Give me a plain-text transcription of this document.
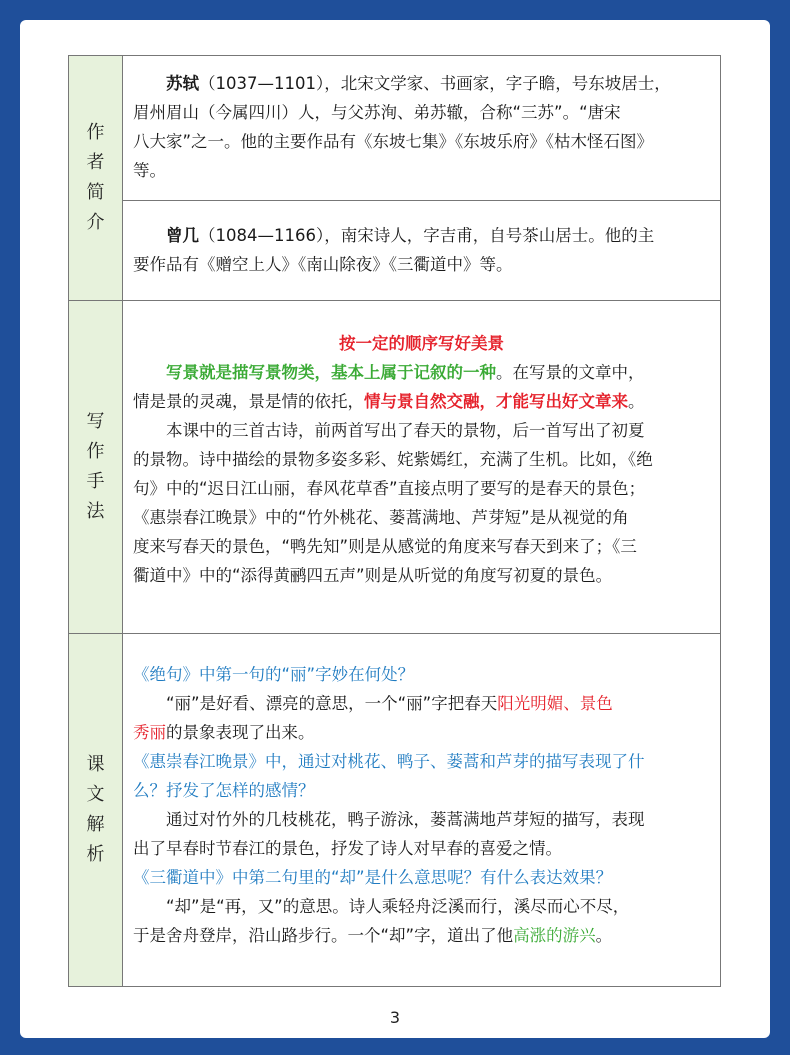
作
者
简
介

苏轼（1037—1101），北宋文学家、书画家，字子瞻，号东坡居士，

眉州眉山（今属四川）人，与父苏洵、弟苏辙，合称“三苏”。“唐宋

八大家”之一。他的主要作品有《东坡七集》《东坡乐府》《枯木怪石图》

等。

曾几（1084—1166），南宋诗人，字吉甫，自号茶山居士。他的主

要作品有《赠空上人》《南山除夜》《三衢道中》等。

写
作
手
法

按一定的顺序写好美景

写景就是描写景物类，基本上属于记叙的一种。在写景的文章中，

情是景的灵魂，景是情的依托，情与景自然交融，才能写出好文章来。

本课中的三首古诗，前两首写出了春天的景物，后一首写出了初夏

的景物。诗中描绘的景物多姿多彩、姹紫嫣红，充满了生机。比如，《绝

句》中的“迟日江山丽，春风花草香”直接点明了要写的是春天的景色；

《惠崇春江晚景》中的“竹外桃花、蒌蒿满地、芦芽短”是从视觉的角

度来写春天的景色，“鸭先知”则是从感觉的角度来写春天到来了；《三

衢道中》中的“添得黄鹂四五声”则是从听觉的角度写初夏的景色。

课
文
解
析

《绝句》中第一句的“丽”字妙在何处？

“丽”是好看、漂亮的意思，一个“丽”字把春天阳光明媚、景色

秀丽的景象表现了出来。

《惠崇春江晚景》中，通过对桃花、鸭子、蒌蒿和芦芽的描写表现了什

么？抒发了怎样的感情？

通过对竹外的几枝桃花，鸭子游泳，蒌蒿满地芦芽短的描写，表现

出了早春时节春江的景色，抒发了诗人对早春的喜爱之情。

《三衢道中》中第二句里的“却”是什么意思呢？有什么表达效果？

“却”是“再，又”的意思。诗人乘轻舟泛溪而行，溪尽而心不尽，

于是舍舟登岸，沿山路步行。一个“却”字，道出了他高涨的游兴。

3
